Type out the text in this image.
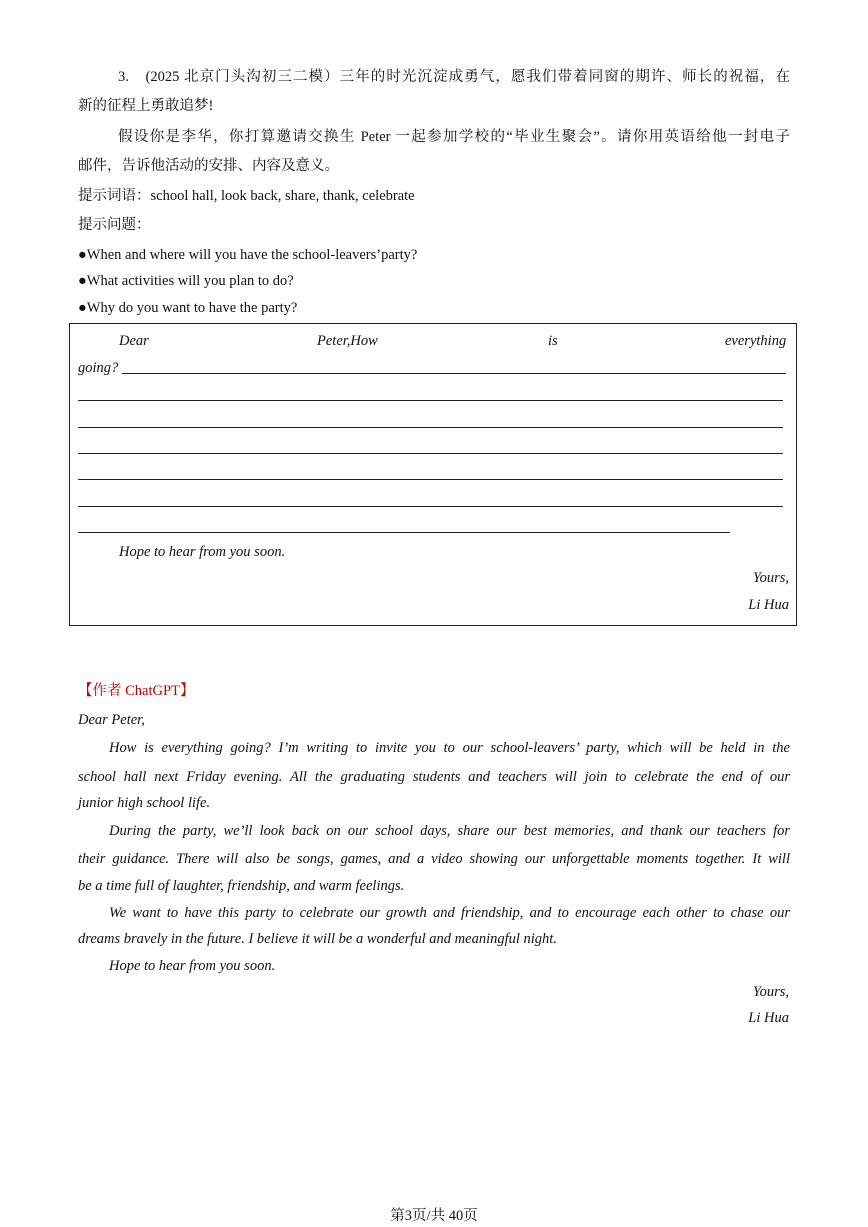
3.　(2025 北京门头沟初三二模）三年的时光沉淀成勇气，愿我们带着同窗的期许、师长的祝福，在
新的征程上勇敢追梦!
假设你是李华，你打算邀请交换生 Peter 一起参加学校的“毕业生聚会”。请你用英语给他一封电子
邮件，告诉他活动的安排、内容及意义。
提示词语：school hall, look back, share, thank, celebrate
提示问题：
●When and where will you have the school-leavers’party?
●What activities will you plan to do?
●Why do you want to have the party?
Dear	Peter,How	is	everything
going?
Hope to hear from you soon.
Yours,
Li Hua
【作者 ChatGPT】
Dear Peter,
How is everything going? I’m writing to invite you to our school-leavers’ party, which will be held in the
school hall next Friday evening. All the graduating students and teachers will join to celebrate the end of our
junior high school life.
During the party, we’ll look back on our school days, share our best memories, and thank our teachers for
their guidance. There will also be songs, games, and a video showing our unforgettable moments together. It will
be a time full of laughter, friendship, and warm feelings.
We want to have this party to celebrate our growth and friendship, and to encourage each other to chase our
dreams bravely in the future. I believe it will be a wonderful and meaningful night.
Hope to hear from you soon.
Yours,
Li Hua
第3页/共 40页
